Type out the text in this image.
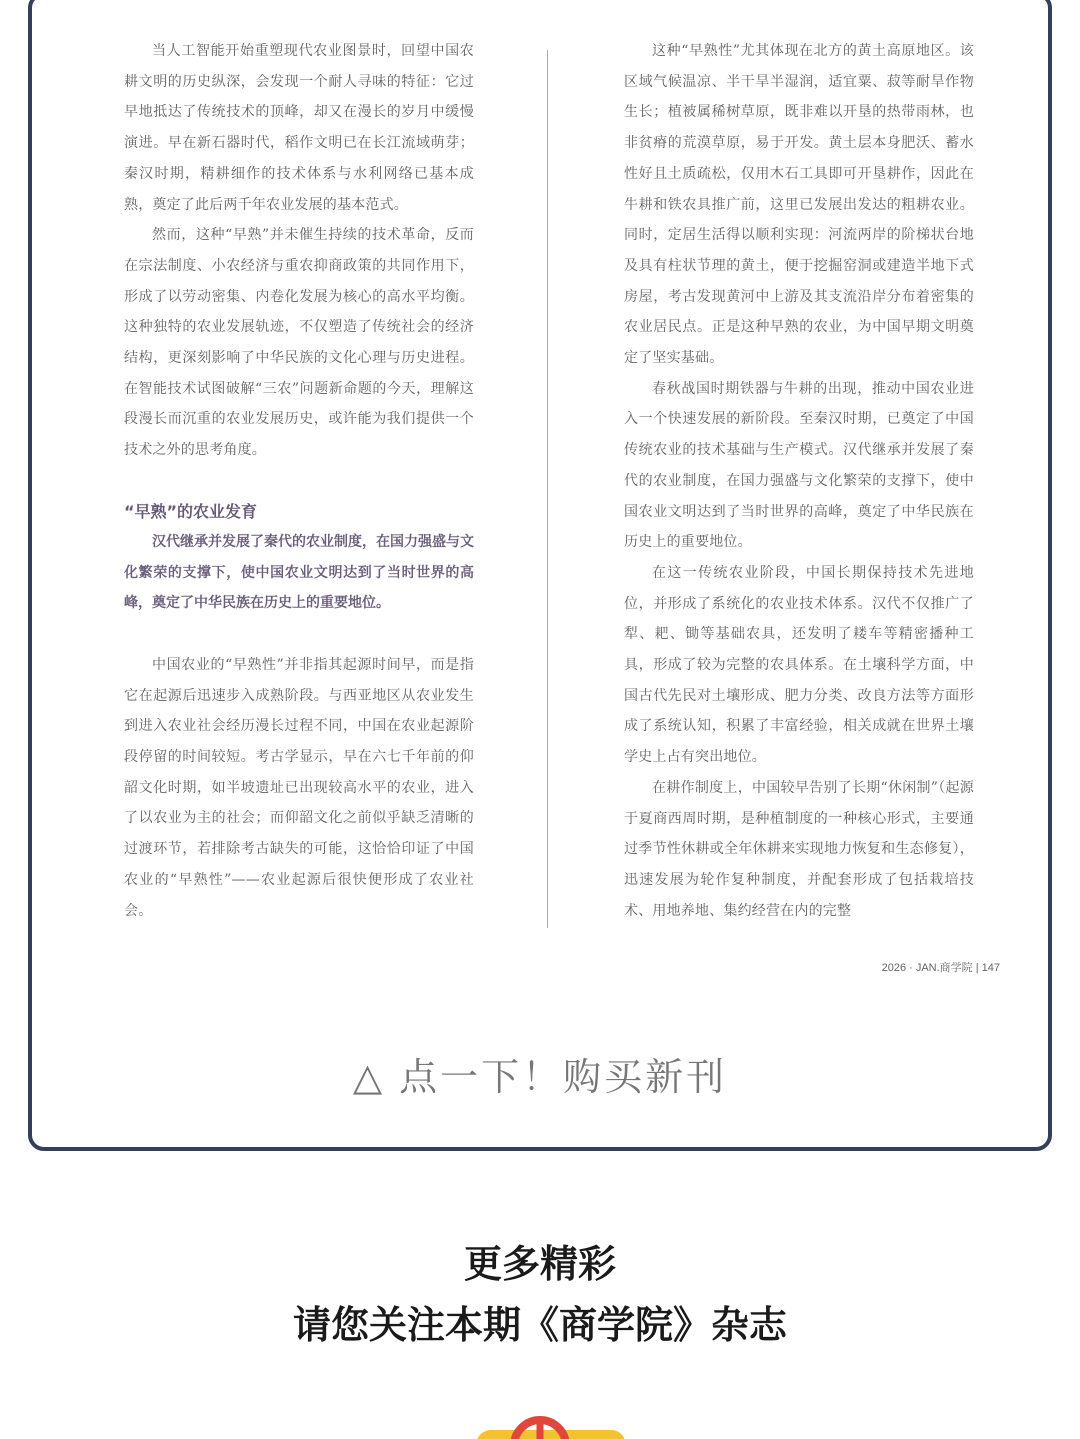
当人工智能开始重塑现代农业图景时，回望中国农耕文明的历史纵深，会发现一个耐人寻味的特征：它过早地抵达了传统技术的顶峰，却又在漫长的岁月中缓慢演进。早在新石器时代，稻作文明已在长江流域萌芽；秦汉时期，精耕细作的技术体系与水利网络已基本成熟，奠定了此后两千年农业发展的基本范式。

然而，这种“早熟”并未催生持续的技术革命，反而在宗法制度、小农经济与重农抑商政策的共同作用下，形成了以劳动密集、内卷化发展为核心的高水平均衡。这种独特的农业发展轨迹，不仅塑造了传统社会的经济结构，更深刻影响了中华民族的文化心理与历史进程。在智能技术试图破解“三农”问题新命题的今天，理解这段漫长而沉重的农业发展历史，或许能为我们提供一个技术之外的思考角度。

“早熟”的农业发育

汉代继承并发展了秦代的农业制度，在国力强盛与文化繁荣的支撑下，使中国农业文明达到了当时世界的高峰，奠定了中华民族在历史上的重要地位。

中国农业的“早熟性”并非指其起源时间早，而是指它在起源后迅速步入成熟阶段。与西亚地区从农业发生到进入农业社会经历漫长过程不同，中国在农业起源阶段停留的时间较短。考古学显示，早在六七千年前的仰韶文化时期，如半坡遗址已出现较高水平的农业，进入了以农业为主的社会；而仰韶文化之前似乎缺乏清晰的过渡环节，若排除考古缺失的可能，这恰恰印证了中国农业的“早熟性”——农业起源后很快便形成了农业社会。

这种“早熟性”尤其体现在北方的黄土高原地区。该区域气候温凉、半干旱半湿润，适宜粟、菽等耐旱作物生长；植被属稀树草原，既非难以开垦的热带雨林，也非贫瘠的荒漠草原，易于开发。黄土层本身肥沃、蓄水性好且土质疏松，仅用木石工具即可开垦耕作，因此在牛耕和铁农具推广前，这里已发展出发达的粗耕农业。同时，定居生活得以顺利实现：河流两岸的阶梯状台地及具有柱状节理的黄土，便于挖掘窑洞或建造半地下式房屋，考古发现黄河中上游及其支流沿岸分布着密集的农业居民点。正是这种早熟的农业，为中国早期文明奠定了坚实基础。

春秋战国时期铁器与牛耕的出现，推动中国农业进入一个快速发展的新阶段。至秦汉时期，已奠定了中国传统农业的技术基础与生产模式。汉代继承并发展了秦代的农业制度，在国力强盛与文化繁荣的支撑下，使中国农业文明达到了当时世界的高峰，奠定了中华民族在历史上的重要地位。

在这一传统农业阶段，中国长期保持技术先进地位，并形成了系统化的农业技术体系。汉代不仅推广了犁、耙、锄等基础农具，还发明了耧车等精密播种工具，形成了较为完整的农具体系。在土壤科学方面，中国古代先民对土壤形成、肥力分类、改良方法等方面形成了系统认知，积累了丰富经验，相关成就在世界土壤学史上占有突出地位。

在耕作制度上，中国较早告别了长期“休闲制”（起源于夏商西周时期，是种植制度的一种核心形式，主要通过季节性休耕或全年休耕来实现地力恢复和生态修复），迅速发展为轮作复种制度，并配套形成了包括栽培技术、用地养地、集约经营在内的完整

2026 · JAN.商学院 | 147
△ 点一下！购买新刊
更多精彩
请您关注本期《商学院》杂志
